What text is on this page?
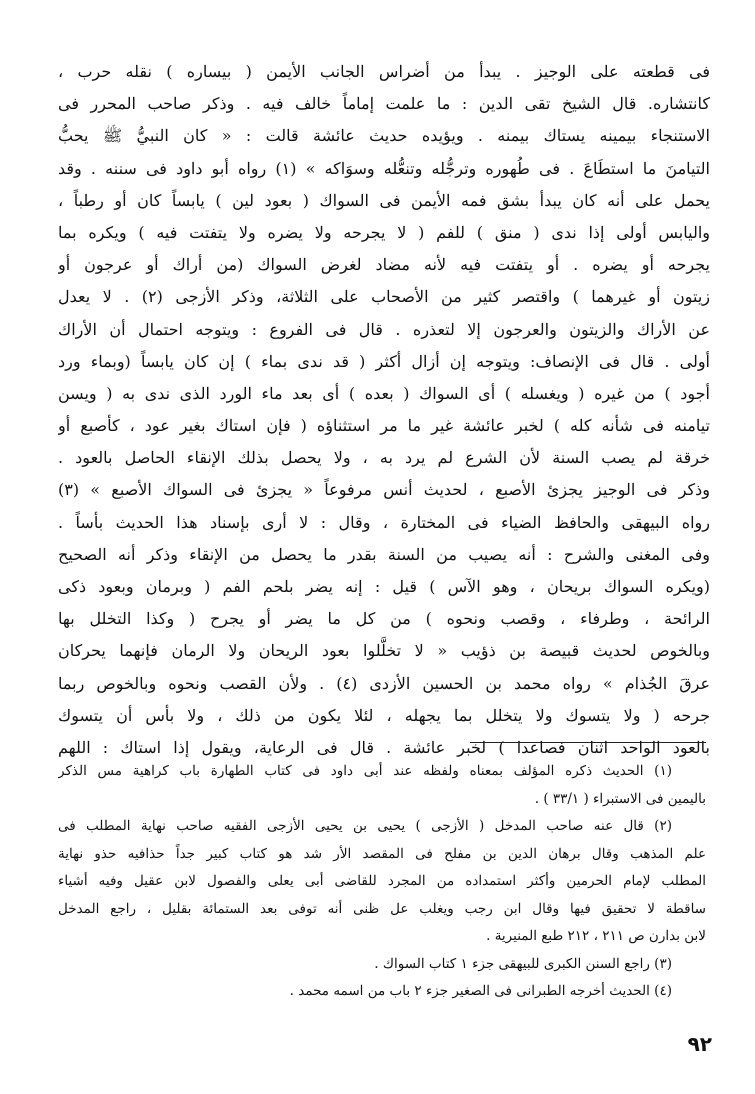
فى قطعته على الوجيز . يبدأ من أضراس الجانب الأيمن ( بيساره ) نقله حرب ،
كانتشاره. قال الشيخ تقى الدين : ما علمت إماماً خالف فيه . وذكر صاحب المحرر فى
الاستنجاء بيمينه يستاك بيمنه . ويؤيده حديث عائشة قالت : « كان النبيُّ ﷺ يحبُّ
التيامنَ ما استطَاعَ . فى طُهوره وترجُّله وتنعُّله وسوَاكه » (١) رواه أبو داود فى سننه . وقد
يحمل على أنه كان يبدأ بشق فمه الأيمن فى السواك ( بعود لين ) يابساً كان أو رطباً ،
واليابس أولى إذا ندى ( منق ) للفم ( لا يجرحه ولا يضره ولا يتفتت فيه ) ويكره بما
يجرحه أو يضره . أو يتفتت فيه لأنه مضاد لغرض السواك (من أراك أو عرجون أو
زيتون أو غيرهما ) واقتصر كثير من الأصحاب على الثلاثة، وذكر الأزجى (٢) . لا يعدل
عن الأراك والزيتون والعرجون إلا لتعذره . قال فى الفروع : ويتوجه احتمال أن الأراك
أولى . قال فى الإنصاف: ويتوجه إن أزال أكثر ( قد ندى بماء ) إن كان يابساً (وبماء ورد
أجود ) من غيره ( ويغسله ) أى السواك ( بعده ) أى بعد ماء الورد الذى ندى به ( ويسن
تيامنه فى شأنه كله ) لخبر عائشة غير ما مر استثناؤه ( فإن استاك بغير عود ، كأصبع أو
خرقة لم يصب السنة لأن الشرع لم يرد به ، ولا يحصل بذلك الإنقاء الحاصل بالعود .
وذكر فى الوجيز يجزئ الأصبع ، لحديث أنس مرفوعاً « يجزئ فى السواك الأصبع » (٣)
رواه البيهقى والحافظ الضياء فى المختارة ، وقال : لا أرى بإسناد هذا الحديث بأساً .
وفى المغنى والشرح : أنه يصيب من السنة بقدر ما يحصل من الإنقاء وذكر أنه الصحيح
(ويكره السواك بريحان ، وهو الآس ) قيل : إنه يضر بلحم الفم ( وبرمان وبعود ذكى
الرائحة ، وطرفاء ، وقصب ونحوه ) من كل ما يضر أو يجرح ( وكذا التخلل بها
وبالخوص لحديث قبيصة بن ذؤيب « لا تخلَّلوا بعود الريحان ولا الرمان فإنهما يحركان
عرقَ الجُذام » رواه محمد بن الحسين الأزدى (٤) . ولأن القصب ونحوه وبالخوص ربما
جرحه ( ولا يتسوك ولا يتخلل بما يجهله ، لئلا يكون من ذلك ، ولا بأس أن يتسوك
بالعود الواحد اثنان فصاعدا ) لخبر عائشة . قال فى الرعاية، ويقول إذا استاك : اللهم
(١) الحديث ذكره المؤلف بمعناه ولفظه عند أبى داود فى كتاب الطهارة باب كراهية مس الذكر
باليمين فى الاستبراء ( ٣٣/١ ) .
(٢) قال عنه صاحب المدخل ( الأزجى ) يحيى بن يحيى الأزجى الفقيه صاحب نهاية المطلب فى
علم المذهب وقال برهان الدين بن مفلح فى المقصد الأر شد هو كتاب كبير جداً حذافيه حذو نهاية
المطلب لإمام الحرمين وأكثر استمداده من المجرد للقاضى أبى يعلى والفصول لابن عقيل وفيه أشياء
ساقطة لا تحقيق فيها وقال ابن رجب ويغلب عل ظنى أنه توفى بعد الستمائة بقليل ، راجع المدخل
لابن بدارن ص ٢١١ ، ٢١٢ طبع المنيرية .
(٣) راجع السنن الكبرى للبيهقى جزء ١ كتاب السواك .
(٤) الحديث أخرجه الطبرانى فى الصغير جزء ٢ باب من اسمه محمد .
٩٢
